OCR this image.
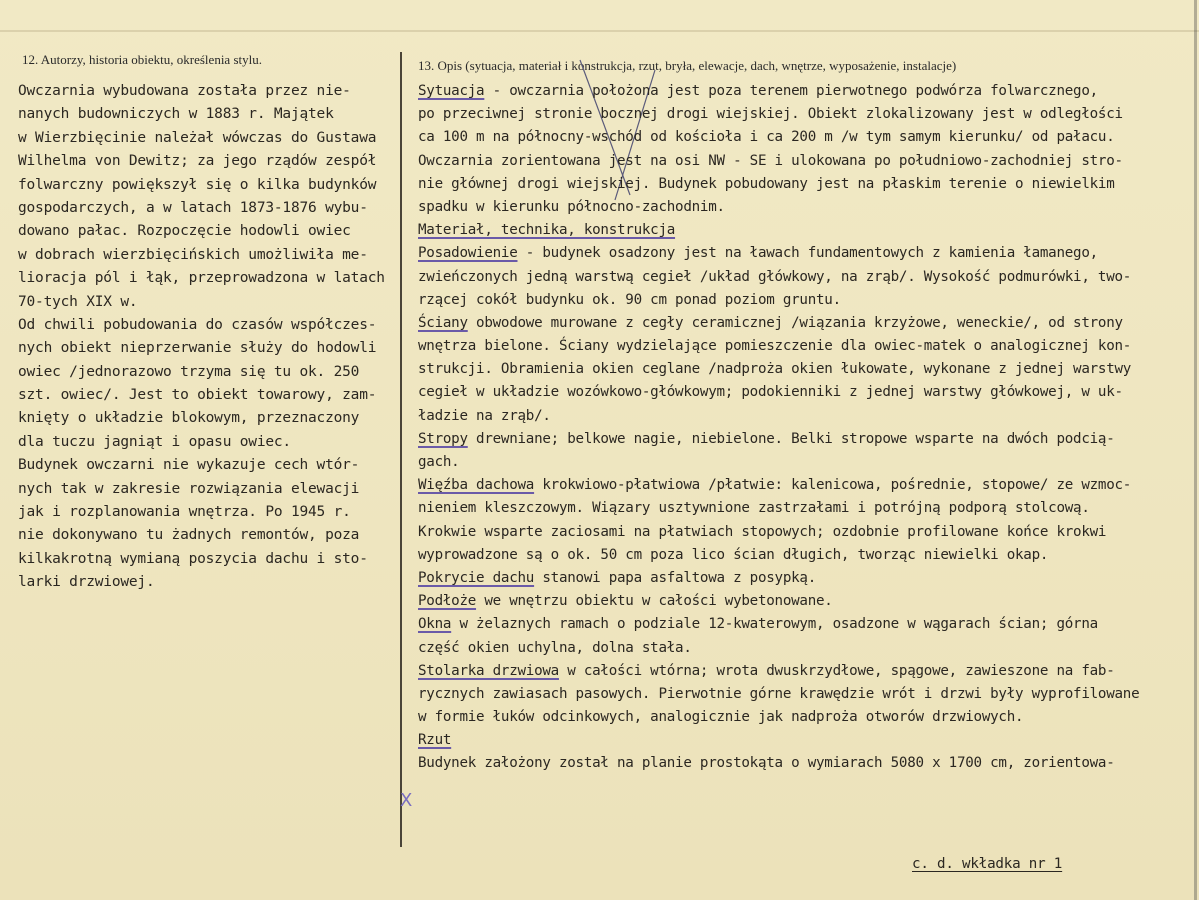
12. Autorzy, historia obiektu, określenia stylu.	13. Opis (sytuacja, materiał i konstrukcja, rzut, bryła, elewacje, dach, wnętrze, wyposażenie, instalacje)
Owczarnia wybudowana została przez nie-
nanych budowniczych w 1883 r. Majątek
w Wierzbięcinie należał wówczas do Gustawa
Wilhelma von Dewitz; za jego rządów zespół
folwarczny powiększył się o kilka budynków
gospodarczych, a w latach 1873-1876 wybu-
dowano pałac. Rozpoczęcie hodowli owiec
w dobrach wierzbięcińskich umożliwiła me-
lioracja pól i łąk, przeprowadzona w latach
70-tych XIX w.
Od chwili pobudowania do czasów współczes-
nych obiekt nieprzerwanie służy do hodowli
owiec /jednorazowo trzyma się tu ok. 250
szt. owiec/. Jest to obiekt towarowy, zam-
knięty o układzie blokowym, przeznaczony
dla tuczu jagniąt i opasu owiec.
Budynek owczarni nie wykazuje cech wtór-
nych tak w zakresie rozwiązania elewacji
jak i rozplanowania wnętrza. Po 1945 r.
nie dokonywano tu żadnych remontów, poza
kilkakrotną wymianą poszycia dachu i sto-
larki drzwiowej.
Sytuacja - owczarnia położona jest poza terenem pierwotnego podwórza folwarcznego,
po przeciwnej stronie bocznej drogi wiejskiej. Obiekt zlokalizowany jest w odległości
ca 100 m na północny-wschód od kościoła i ca 200 m /w tym samym kierunku/ od pałacu.
Owczarnia zorientowana jest na osi NW - SE i ulokowana po południowo-zachodniej stro-
nie głównej drogi wiejskiej. Budynek pobudowany jest na płaskim terenie o niewielkim
spadku w kierunku północno-zachodnim.
Materiał, technika, konstrukcja
Posadowienie - budynek osadzony jest na ławach fundamentowych z kamienia łamanego,
zwieńczonych jedną warstwą cegieł /układ główkowy, na zrąb/. Wysokość podmurówki, two-
rzącej cokół budynku ok. 90 cm ponad poziom gruntu.
Ściany obwodowe murowane z cegły ceramicznej /wiązania krzyżowe, weneckie/, od strony
wnętrza bielone. Ściany wydzielające pomieszczenie dla owiec-matek o analogicznej kon-
strukcji. Obramienia okien ceglane /nadproża okien łukowate, wykonane z jednej warstwy
cegieł w układzie wozówkowo-główkowym; podokienniki z jednej warstwy główkowej, w uk-
ładzie na zrąb/.
Stropy drewniane; belkowe nagie, niebielone. Belki stropowe wsparte na dwóch podcią-
gach.
Więźba dachowa krokwiowo-płatwiowa /płatwie: kalenicowa, pośrednie, stopowe/ ze wzmoc-
nieniem kleszczowym. Wiązary usztywnione zastrzałami i potrójną podporą stolcową.
Krokwie wsparte zaciosami na płatwiach stopowych; ozdobnie profilowane końce krokwi
wyprowadzone są o ok. 50 cm poza lico ścian długich, tworząc niewielki okap.
Pokrycie dachu stanowi papa asfaltowa z posypką.
Podłoże we wnętrzu obiektu w całości wybetonowane.
Okna w żelaznych ramach o podziale 12-kwaterowym, osadzone w wągarach ścian; górna
część okien uchylna, dolna stała.
Stolarka drzwiowa w całości wtórna; wrota dwuskrzydłowe, spągowe, zawieszone na fab-
rycznych zawiasach pasowych. Pierwotnie górne krawędzie wrót i drzwi były wyprofilowane
w formie łuków odcinkowych, analogicznie jak nadproża otworów drzwiowych.
Rzut
Budynek założony został na planie prostokąta o wymiarach 5080 x 1700 cm, zorientowa-
X
c. d. wkładka nr 1
